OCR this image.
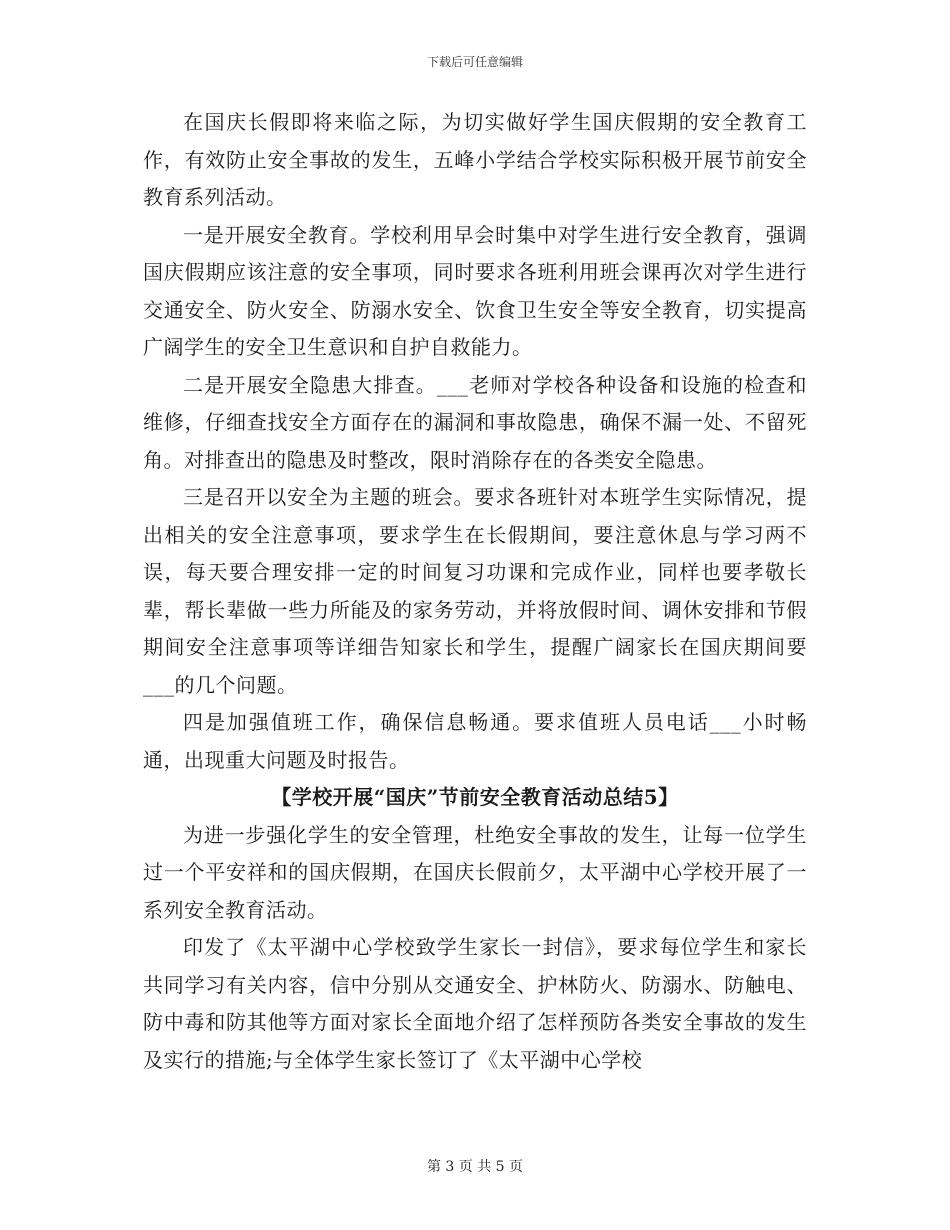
下载后可任意编辑

在国庆长假即将来临之际，为切实做好学生国庆假期的安全教育工作，有效防止安全事故的发生，五峰小学结合学校实际积极开展节前安全教育系列活动。

一是开展安全教育。学校利用早会时集中对学生进行安全教育，强调国庆假期应该注意的安全事项，同时要求各班利用班会课再次对学生进行交通安全、防火安全、防溺水安全、饮食卫生安全等安全教育，切实提高广阔学生的安全卫生意识和自护自救能力。

二是开展安全隐患大排查。___老师对学校各种设备和设施的检查和维修，仔细查找安全方面存在的漏洞和事故隐患，确保不漏一处、不留死角。对排查出的隐患及时整改，限时消除存在的各类安全隐患。

三是召开以安全为主题的班会。要求各班针对本班学生实际情况，提出相关的安全注意事项，要求学生在长假期间，要注意休息与学习两不误，每天要合理安排一定的时间复习功课和完成作业，同样也要孝敬长辈，帮长辈做一些力所能及的家务劳动，并将放假时间、调休安排和节假期间安全注意事项等详细告知家长和学生，提醒广阔家长在国庆期间要___的几个问题。

四是加强值班工作，确保信息畅通。要求值班人员电话___小时畅通，出现重大问题及时报告。

【学校开展“国庆”节前安全教育活动总结5】

为进一步强化学生的安全管理，杜绝安全事故的发生，让每一位学生过一个平安祥和的国庆假期，在国庆长假前夕，太平湖中心学校开展了一系列安全教育活动。

印发了《太平湖中心学校致学生家长一封信》，要求每位学生和家长共同学习有关内容，信中分别从交通安全、护林防火、防溺水、防触电、防中毒和防其他等方面对家长全面地介绍了怎样预防各类安全事故的发生及实行的措施;与全体学生家长签订了《太平湖中心学校

第 3 页 共 5 页
